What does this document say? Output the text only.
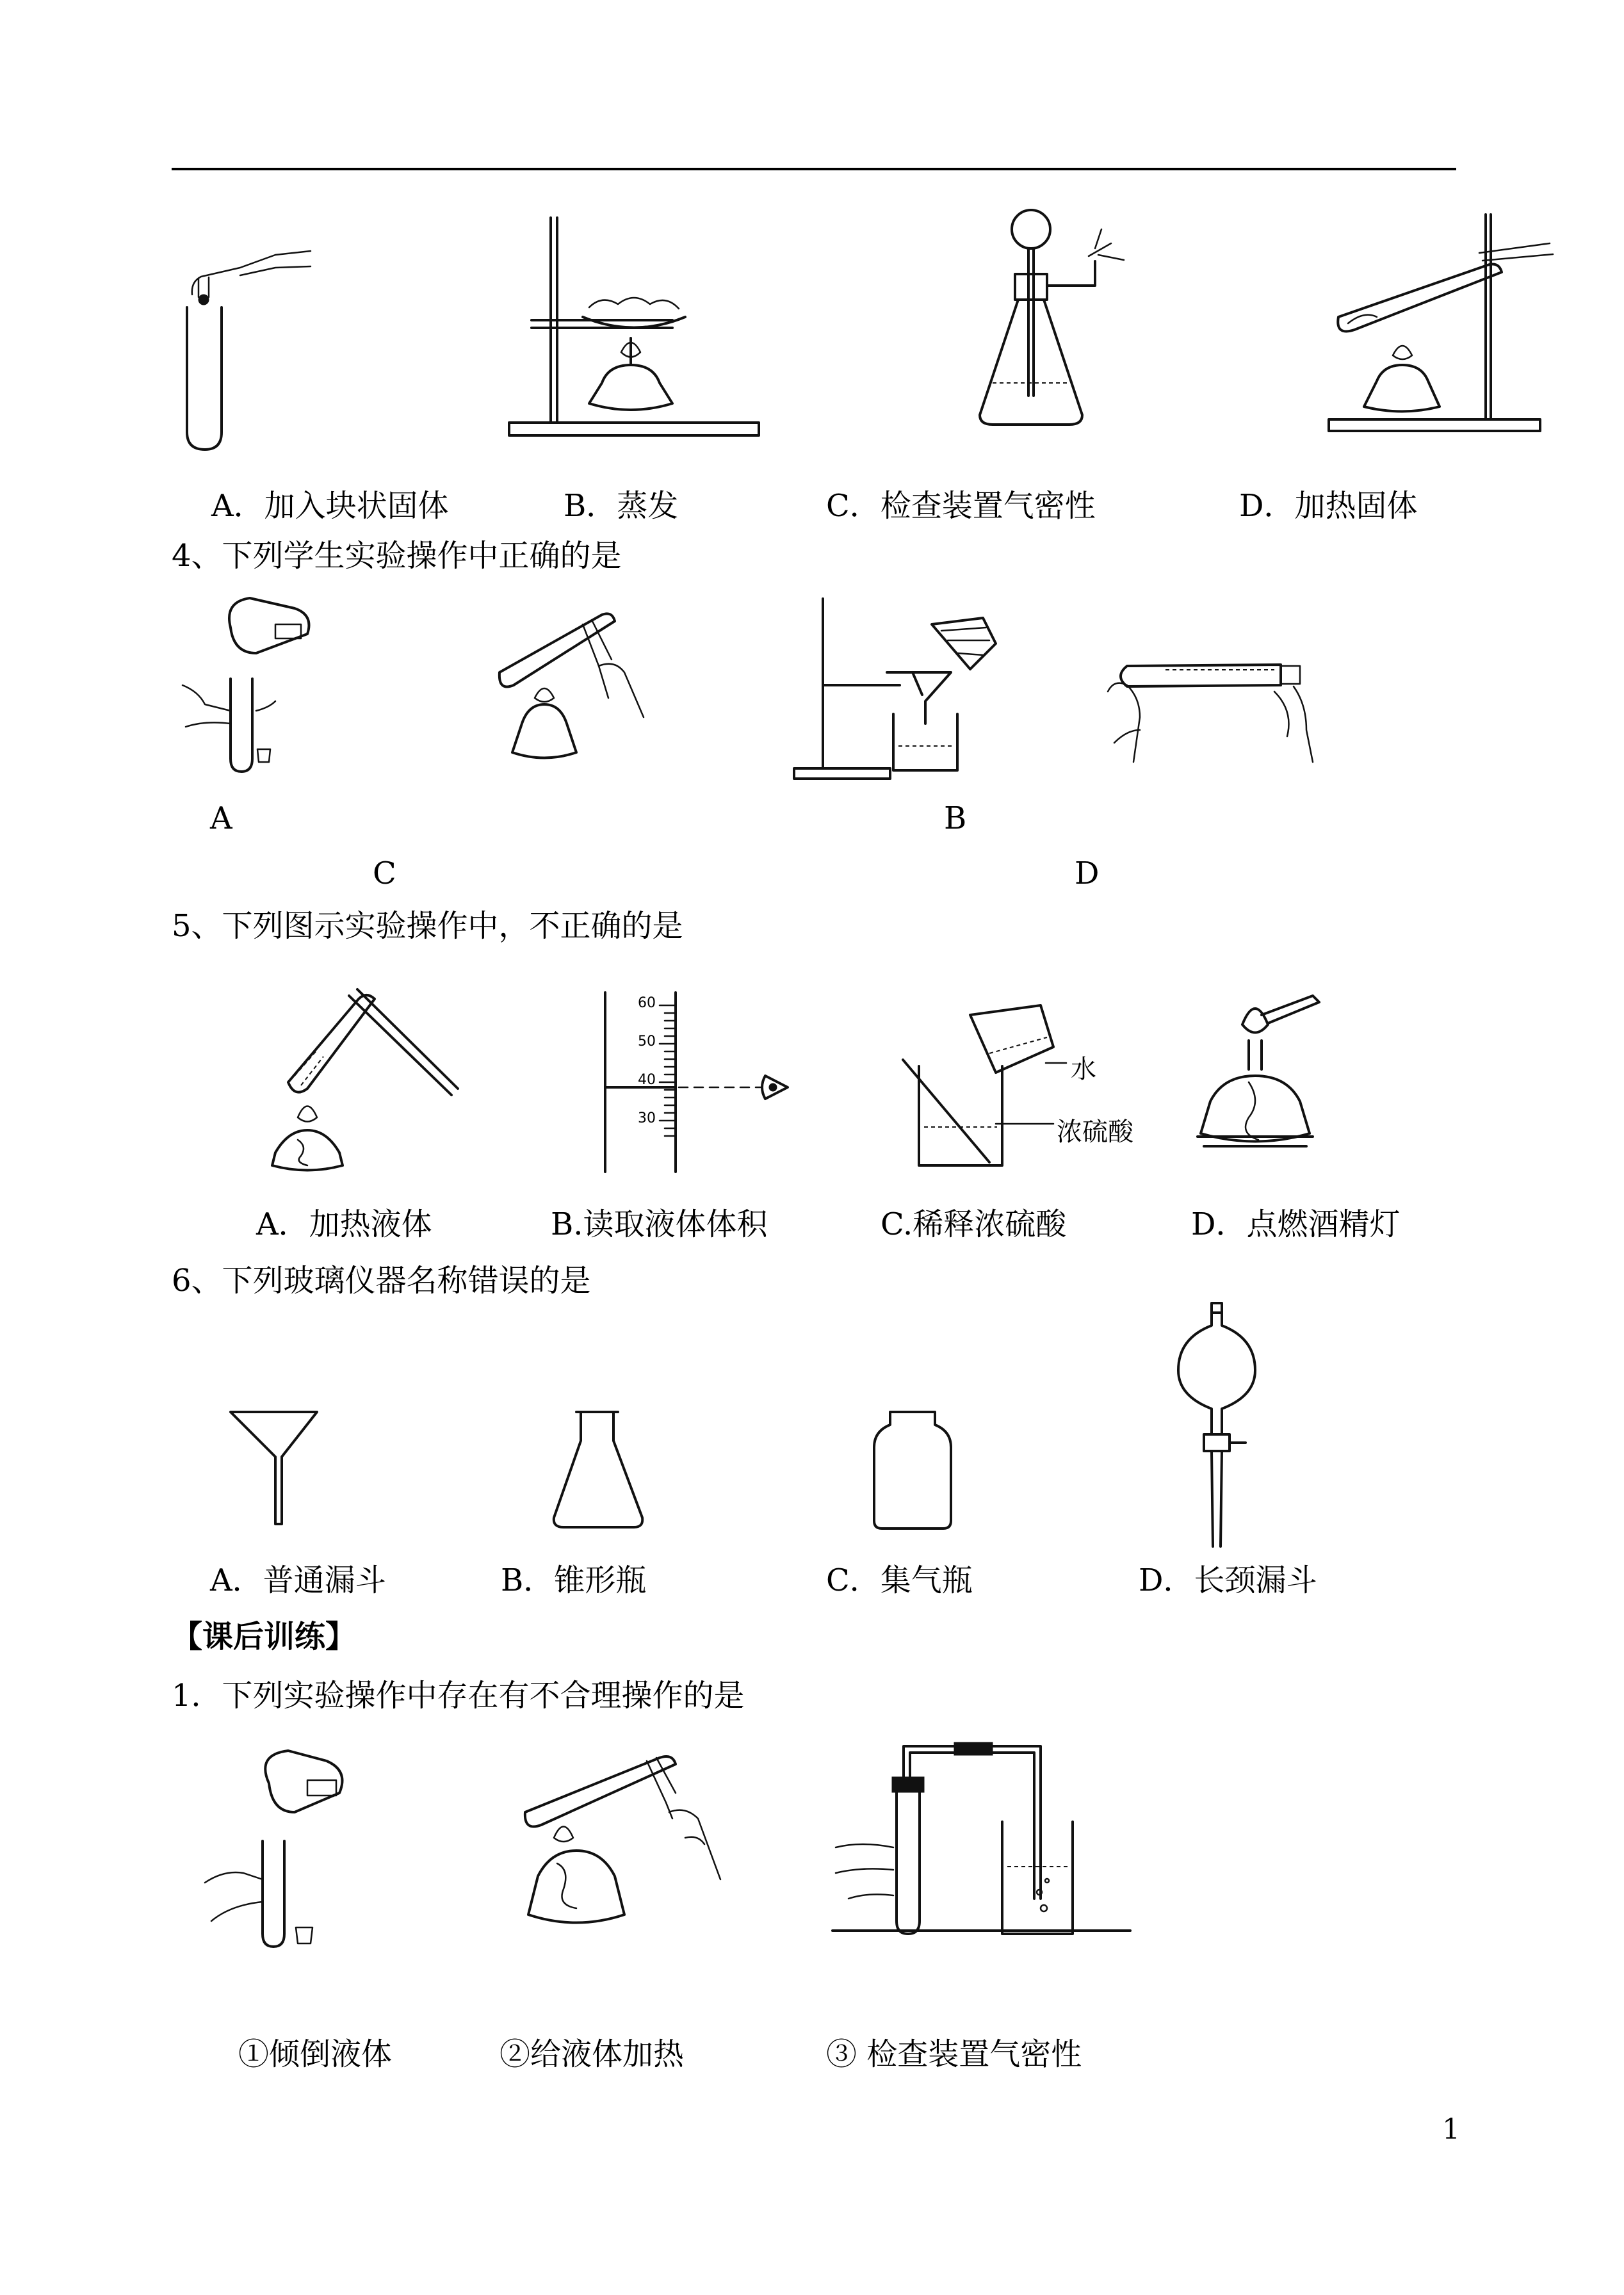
A．加入块状固体	B．蒸发	C．检查装置气密性	D．加热固体
4、下列学生实验操作中正确的是
A	B
C	D
5、下列图示实验操作中，不正确的是
60
50
40
30
水
浓硫酸
A．加热液体	B.读取液体体积	C.稀释浓硫酸	D．点燃酒精灯
6、下列玻璃仪器名称错误的是
A．普通漏斗	B．锥形瓶	C．集气瓶	D．长颈漏斗
【课后训练】
1．下列实验操作中存在有不合理操作的是
①倾倒液体	②给液体加热	③ 检查装置气密性
1
